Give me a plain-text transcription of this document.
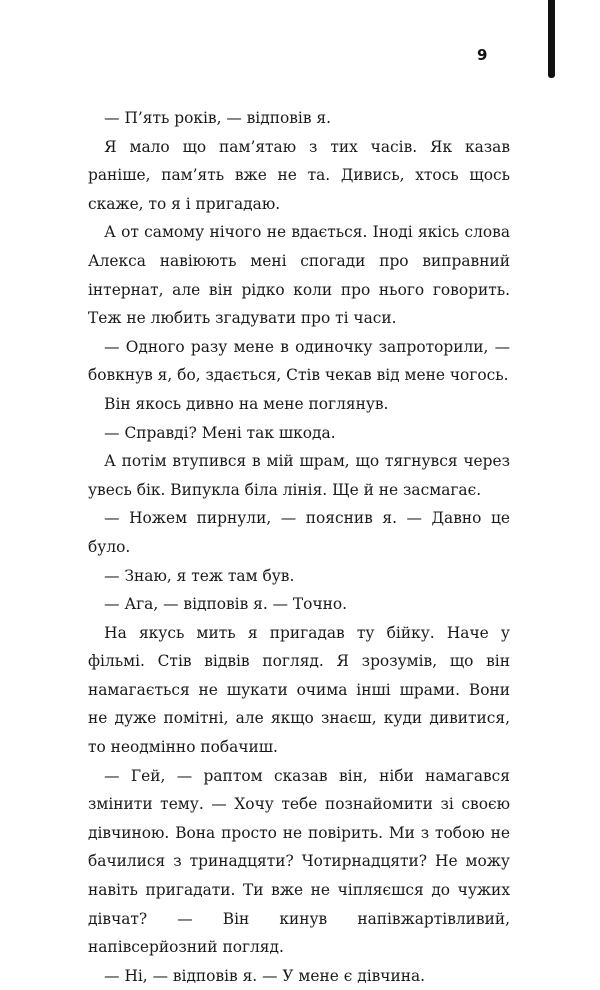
9

— П’ять років, — відповів я.

Я мало що пам’ятаю з тих часів. Як казав раніше, пам’ять вже не та. Дивись, хтось щось скаже, то я і пригадаю.

А от самому нічого не вдається. Іноді якісь слова Алекса навіюють мені спогади про виправний інтернат, але він рідко коли про нього говорить. Теж не любить згадувати про ті часи.

— Одного разу мене в одиночку запроторили, — бовкнув я, бо, здається, Стів чекав від мене чогось.

Він якось дивно на мене поглянув.

— Справді? Мені так шкода.

А потім втупився в мій шрам, що тягнувся через увесь бік. Випукла біла лінія. Ще й не засмагає.

— Ножем пирнули, — пояснив я. — Давно це було.

— Знаю, я теж там був.

— Ага, — відповів я. — Точно.

На якусь мить я пригадав ту бійку. Наче у фільмі. Стів відвів погляд. Я зрозумів, що він намагається не шукати очима інші шрами. Вони не дуже помітні, але якщо знаєш, куди дивитися, то неодмінно побачиш.

— Гей, — раптом сказав він, ніби намагався змінити тему. — Хочу тебе познайомити зі своєю дівчиною. Вона просто не повірить. Ми з тобою не бачилися з тринадцяти? Чотирнадцяти? Не можу навіть пригадати. Ти вже не чіпляєшся до чужих дівчат? — Він кинув напівжартівливий, напівсерйозний погляд.

— Ні, — відповів я. — У мене є дівчина.
